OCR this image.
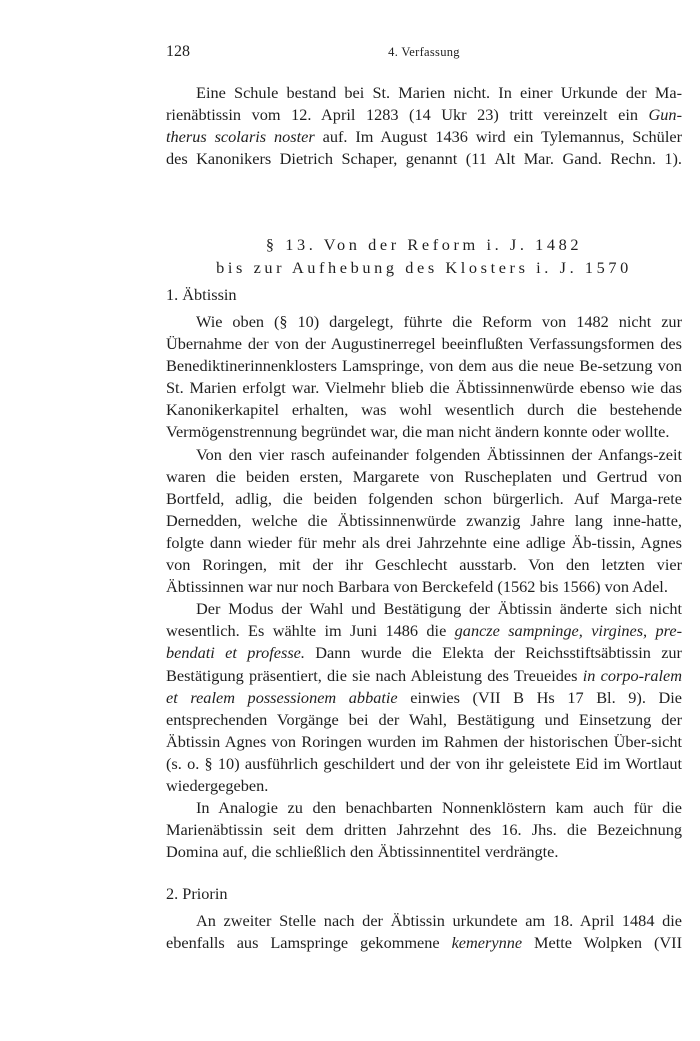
128	4. Verfassung

Eine Schule bestand bei St. Marien nicht. In einer Urkunde der Ma-

rienäbtissin vom 12. April 1283 (14 Ukr 23) tritt vereinzelt ein Gun-

therus scolaris noster auf. Im August 1436 wird ein Tylemannus, Schüler

des Kanonikers Dietrich Schaper, genannt (11 Alt Mar. Gand. Rechn. 1).

§ 13. Von der Reform i. J. 1482
bis zur Aufhebung des Klosters i. J. 1570
1. Äbtissin

Wie oben (§ 10) dargelegt, führte die Reform von 1482 nicht zur Übernahme der von der Augustinerregel beeinflußten Verfassungsformen des Benediktinerinnenklosters Lamspringe, von dem aus die neue Be-setzung von St. Marien erfolgt war. Vielmehr blieb die Äbtissinnenwürde ebenso wie das Kanonikerkapitel erhalten, was wohl wesentlich durch die bestehende Vermögenstrennung begründet war, die man nicht ändern konnte oder wollte.

Von den vier rasch aufeinander folgenden Äbtissinnen der Anfangs-zeit waren die beiden ersten, Margarete von Ruscheplaten und Gertrud von Bortfeld, adlig, die beiden folgenden schon bürgerlich. Auf Marga-rete Dernedden, welche die Äbtissinnenwürde zwanzig Jahre lang inne-hatte, folgte dann wieder für mehr als drei Jahrzehnte eine adlige Äb-tissin, Agnes von Roringen, mit der ihr Geschlecht ausstarb. Von den letzten vier Äbtissinnen war nur noch Barbara von Berckefeld (1562 bis 1566) von Adel.

Der Modus der Wahl und Bestätigung der Äbtissin änderte sich nicht wesentlich. Es wählte im Juni 1486 die gancze sampninge, virgines, pre-bendati et professe. Dann wurde die Elekta der Reichsstiftsäbtissin zur Bestätigung präsentiert, die sie nach Ableistung des Treueides in corpo-ralem et realem possessionem abbatie einwies (VII B Hs 17 Bl. 9). Die entsprechenden Vorgänge bei der Wahl, Bestätigung und Einsetzung der Äbtissin Agnes von Roringen wurden im Rahmen der historischen Über-sicht (s. o. § 10) ausführlich geschildert und der von ihr geleistete Eid im Wortlaut wiedergegeben.

In Analogie zu den benachbarten Nonnenklöstern kam auch für die Marienäbtissin seit dem dritten Jahrzehnt des 16. Jhs. die Bezeichnung Domina auf, die schließlich den Äbtissinnentitel verdrängte.

2. Priorin

An zweiter Stelle nach der Äbtissin urkundete am 18. April 1484 die ebenfalls aus Lamspringe gekommene kemerynne Mette Wolpken (VII
